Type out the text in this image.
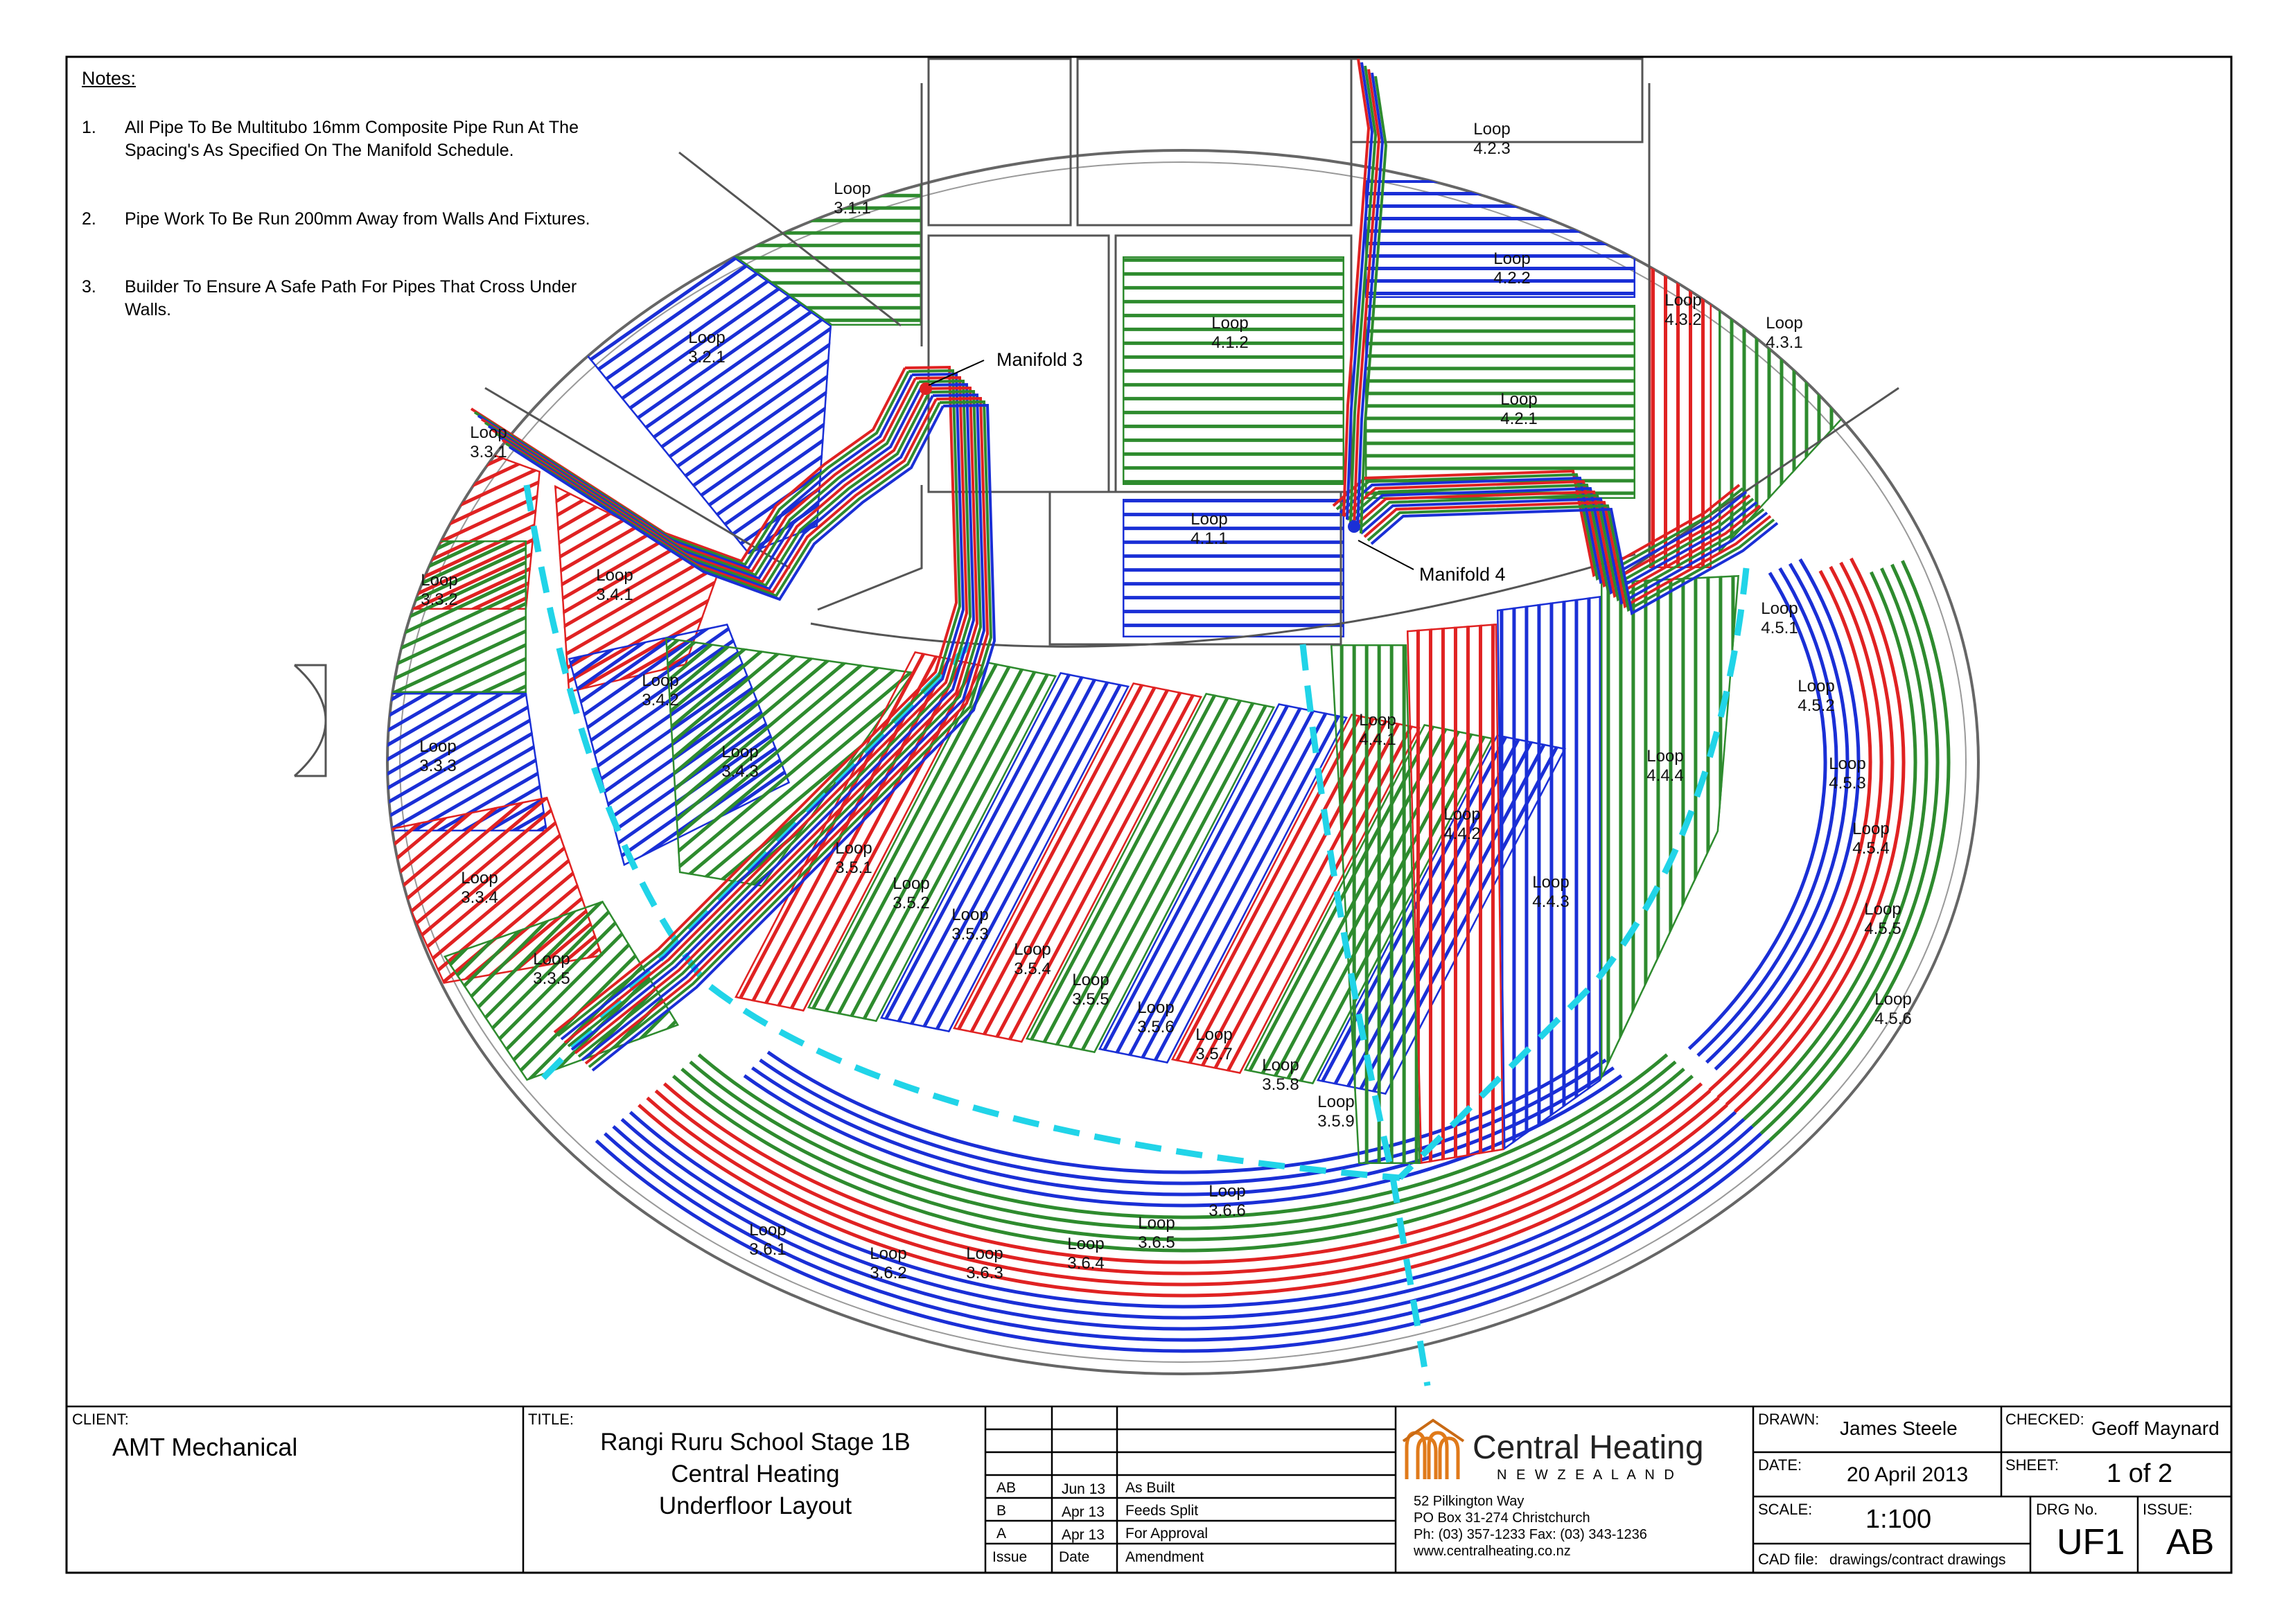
Manifold 3
Manifold 4
Loop
3.1.1
Loop
3.2.1
Loop
3.3.1
Loop
3.3.2
Loop
3.3.3
Loop
3.3.4
Loop
3.3.5
Loop
3.4.1
Loop
3.4.2
Loop
3.4.3
Loop
3.5.1
Loop
3.5.2
Loop
3.5.3
Loop
3.5.4
Loop
3.5.5 Loop
3.5.6 Loop
3.5.7
Loop
3.5.8
Loop
3.5.9
Loop
3.6.1	Loop
3.6.2
Loop
3.6.3
Loop
3.6.4
Loop
3.6.5
Loop
3.6.6
Loop
4.1.1
Loop
4.1.2
Loop
4.2.1
Loop
4.2.2
Loop
4.2.3
Loop
4.3.1
Loop
4.3.2
Loop
4.4.1
Loop
4.4.2
Loop
4.4.3
Loop
4.4.4
Loop
4.5.1
Loop
4.5.2
Loop
4.5.3
Loop
4.5.4
Loop
4.5.5
Loop
4.5.6
Notes:
1.	All Pipe To Be Multitubo 16mm Composite Pipe Run At The Spacing's As Specified On The Manifold Schedule.
2.	Pipe Work To Be Run 200mm Away from Walls And Fixtures.
3.	Builder To Ensure A Safe Path For Pipes That Cross Under Walls.
CLIENT:
AMT Mechanical
TITLE:
Rangi Ruru School Stage 1B
Central Heating
Underfloor Layout
AB	Jun 13 As Built
B	Apr 13 Feeds Split
A	Apr 13 For Approval
Issue Date Amendment
Central Heating
N E W Z E A L A N D
52 Pilkington Way
PO Box 31-274 Christchurch
Ph: (03) 357-1233 Fax: (03) 343-1236
www.centralheating.co.nz
DRAWN: James Steele	CHECKED: Geoff Maynard
DATE: 20 April 2013 SHEET: 1 of 2
SCALE: 1:100	DRG No.
UF1
ISSUE:
AB
CAD file: drawings/contract drawings
